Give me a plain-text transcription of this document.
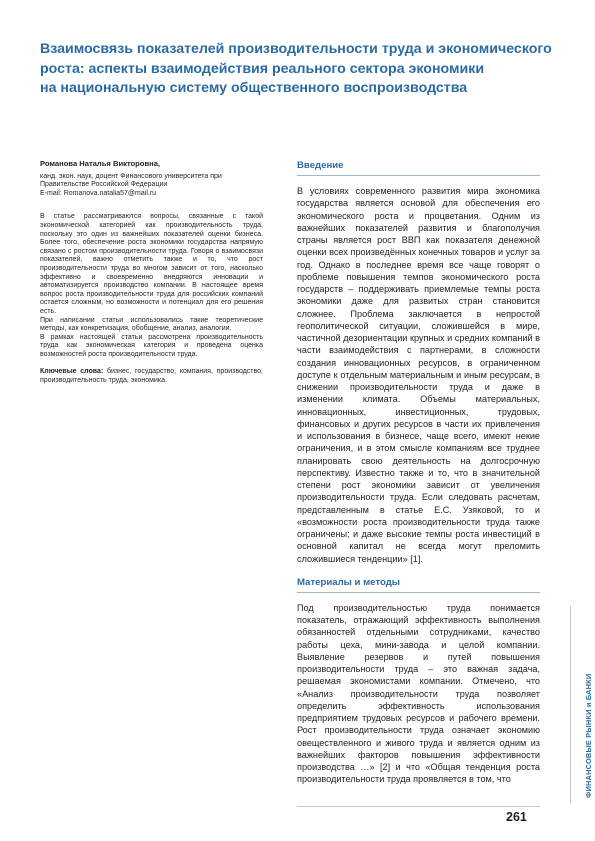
Взаимосвязь показателей производительности труда и экономического
роста: аспекты взаимодействия реального сектора экономики
на национальную систему общественного воспроизводства
Романова Наталья Викторовна,
канд. экон. наук, доцент Финансового университета при
Правительстве Российской Федерации
E-mail: Romanova.natalia57@mail.ru

В статье рассматриваются вопросы, связанные с такой экономической категорией как производительность труда, поскольку это один из важнейших показателей оценки бизнеса. Более того, обеспечение роста экономики государства напрямую связано с ростом производительности труда. Говоря о взаимосвязи показателей, важно отметить также и то, что рост производительности труда во многом зависит от того, насколько эффективно и своевременно внедряются инновации и автоматизируется производство компании. В настоящее время вопрос роста производительности труда для российских компаний остается сложным, но возможности и потенциал для его решения есть.

При написании статьи использовались такие теоретические методы, как конкретизация, обобщение, анализ, аналогии.

В рамках настоящей статьи рассмотрена производительность труда как экономическая категория и проведена оценка возможностей роста производительности труда.

Ключевые слова: бизнес, государство, компания, производство, производительность труда, экономика.
Введение

В условиях современного развития мира экономика государства является основой для обеспечения его экономического роста и процветания. Одним из важнейших показателей развития и благополучия страны является рост ВВП как показателя денежной оценки всех произведённых конечных товаров и услуг за год. Однако в последнее время все чаще говорят о проблеме повышения темпов экономического роста государств – поддерживать приемлемые темпы роста экономики даже для развитых стран становится сложнее. Проблема заключается в непростой геополитической ситуации, сложившейся в мире, частичной дезориентации крупных и средних компаний в части взаимодействия с партнерами, в сложности создания инновационных ресурсов, в ограниченном доступе к отдельным материальным и иным ресурсам, в снижении производительности труда и даже в изменении климата. Объемы материальных, инновационных, инвестиционных, трудовых, финансовых и других ресурсов в части их привлечения и использования в бизнесе, чаще всего, имеют некие ограничения, и в этом смысле компаниям все труднее планировать свою деятельность на долгосрочную перспективу. Известно также и то, что в значительной степени рост экономики зависит от увеличения производительности труда. Если следовать расчетам, представленным в статье Е.С. Узяковой, то и «возможности роста производительности труда также ограничены; и даже высокие темпы роста инвестиций в основной капитал не всегда могут преломить сложившиеся тенденции» [1].

Материалы и методы

Под производительностью труда понимается показатель, отражающий эффективность выполнения обязанностей отдельными сотрудниками, качество работы цеха, мини-завода и целой компании. Выявление резервов и путей повышения производительности труда – это важная задача, решаемая экономистами компании. Отмечено, что «Анализ производительности труда позволяет определить эффективность использования предприятием трудовых ресурсов и рабочего времени. Рост производительности труда означает экономию овеществленного и живого труда и является одним из важнейших факторов повышения эффективности производства …» [2] и что «Общая тенденция роста производительности труда проявляется в том, что	ФИНАНСОВЫЕ РЫНКИ и БАНКИ
261
